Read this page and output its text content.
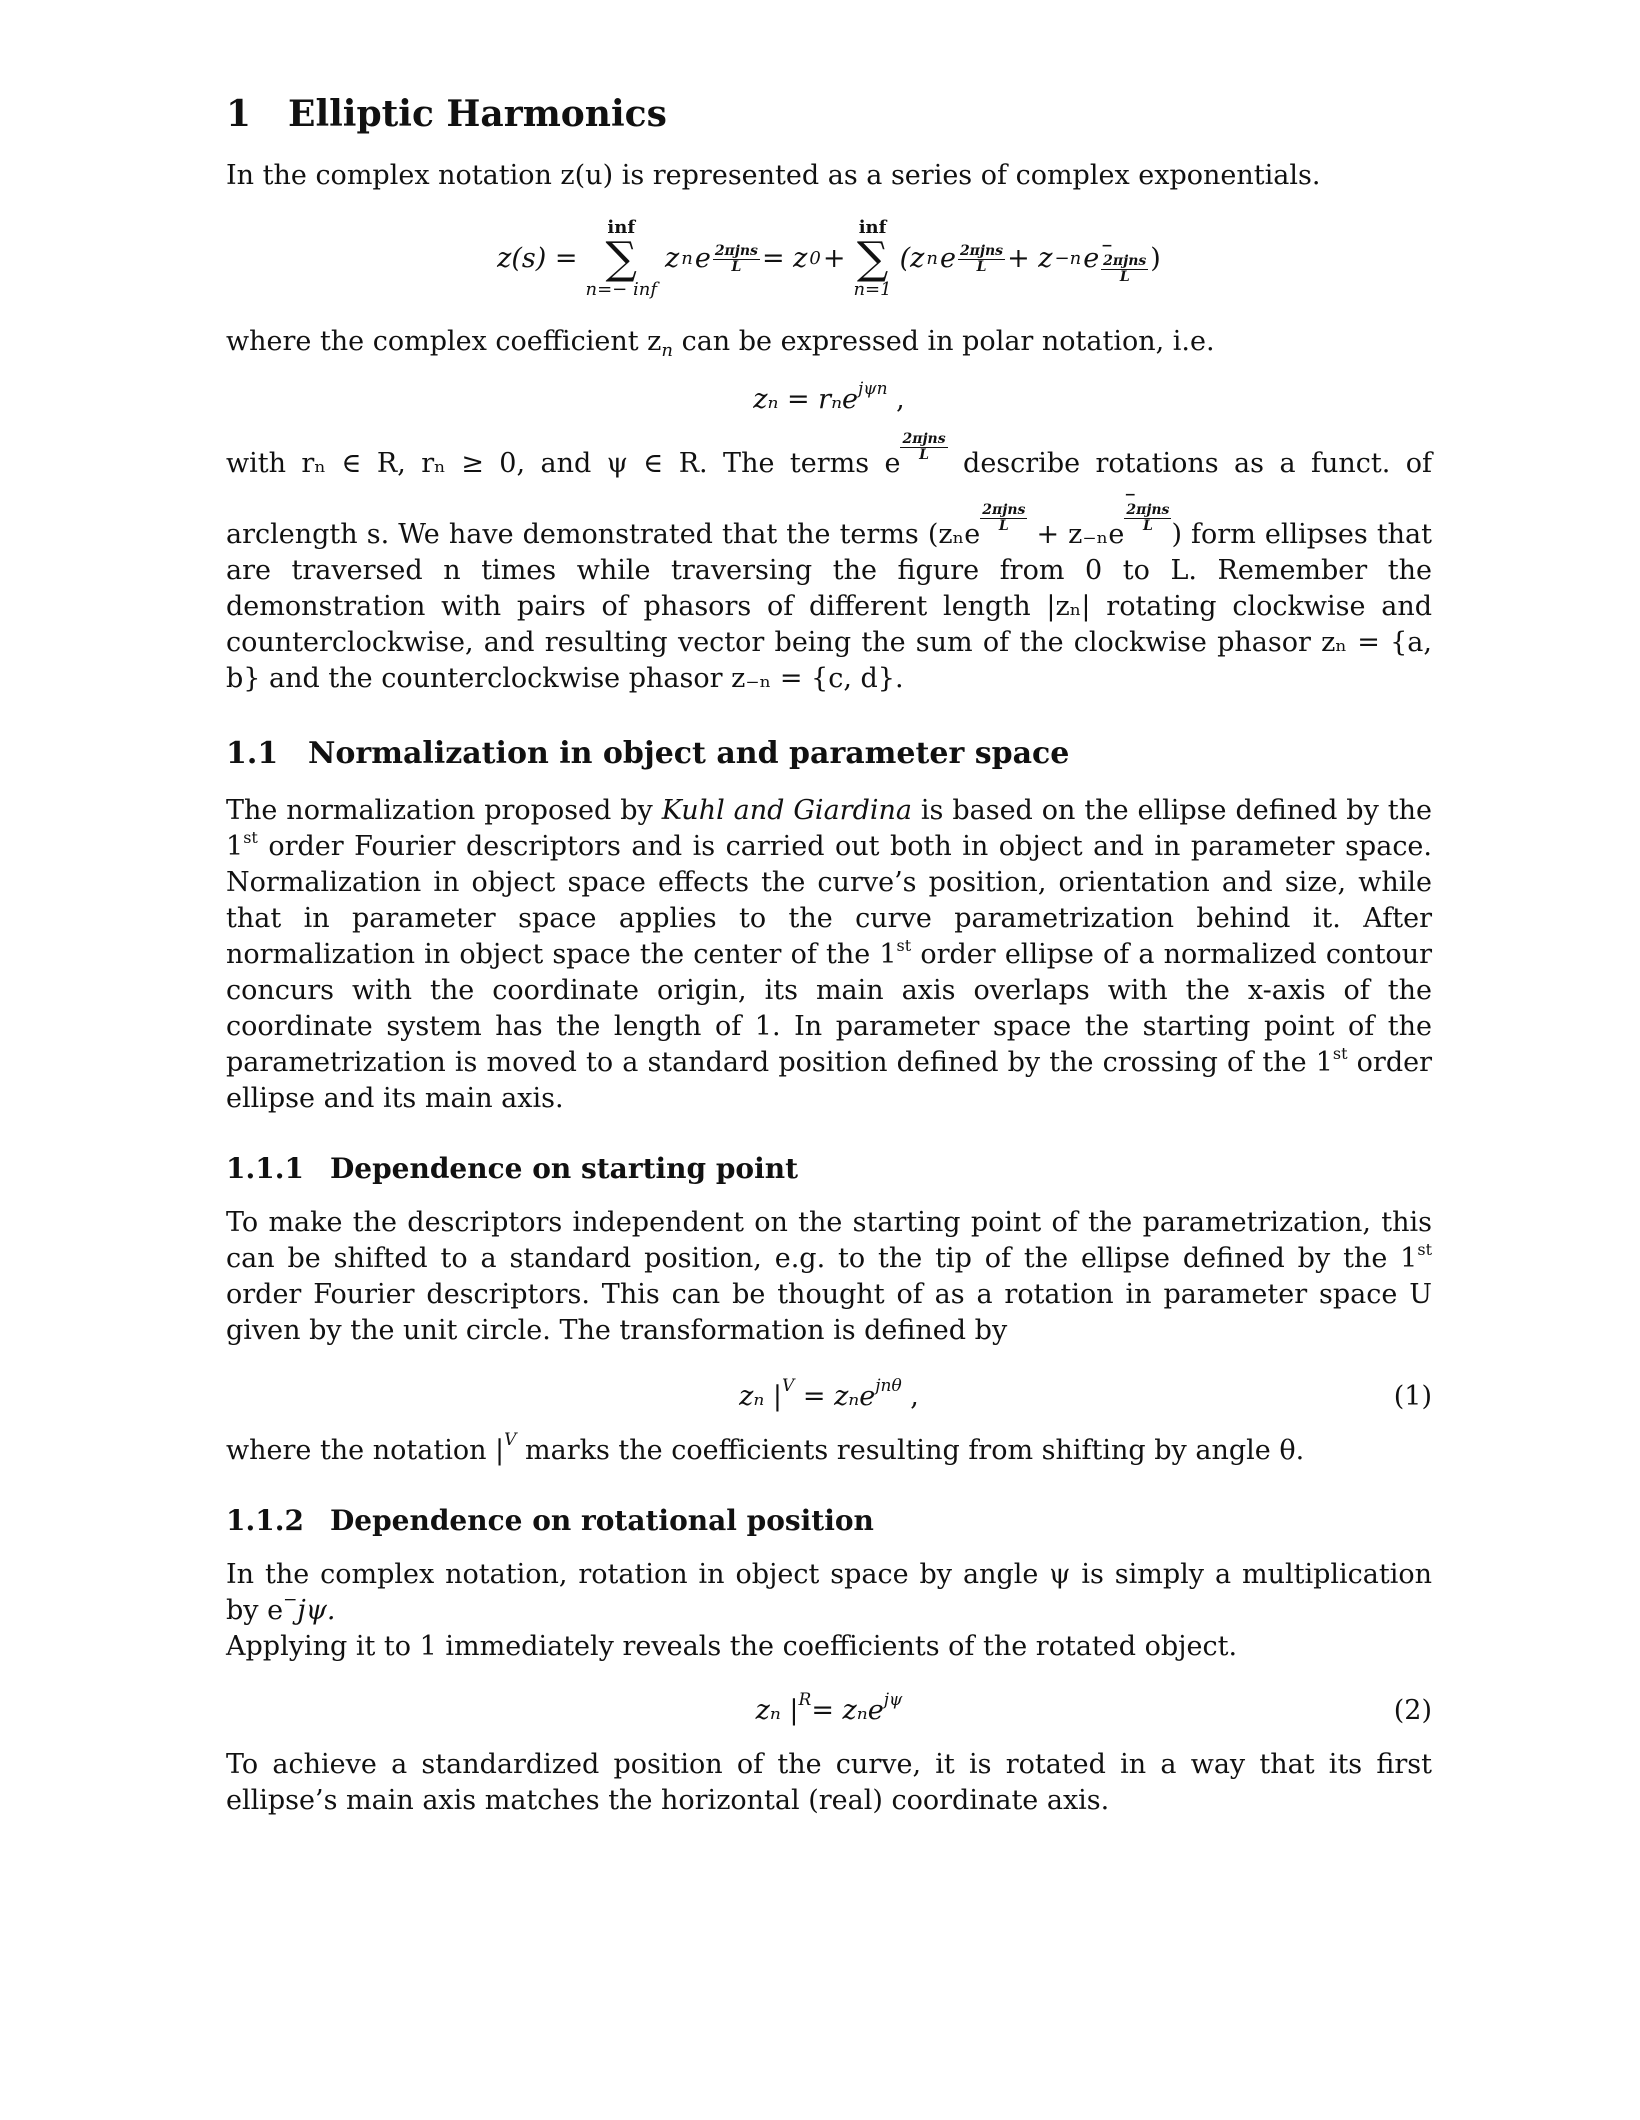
1 Elliptic Harmonics

In the complex notation z(u) is represented as a series of complex exponentials.

z(s) =
inf
∑
n=− inf
z n e $\frac{\text{2πjns}}{L} = z$ 0 +
inf
∑
n=1
(z n e $\frac{\text{2πjns}}{L} + z -n$ e
− $\frac{\text{2πjns}}{L}$ )

where the complex coefficient $z_n$ can be expressed in polar notation, i.e.

zₙ = rₙe$^{j\psi n}$ ,

with rₙ ∈ R, rₙ ≥ 0, and ψ ∈ R. The terms e
$\frac{\text{2πjns}}{L}$
describe rotations as a funct. of arclength s. We have demonstrated that the terms (zₙe
$\frac{\text{2πjns}}{L}$
+ z₋ₙe
− $\frac{\text{2πjns}}{L}$
) form ellipses that are traversed n times while traversing the figure from 0 to L. Remember the demonstration with pairs of phasors of different length |zₙ| rotating clockwise and counterclockwise, and resulting vector being the sum of the clockwise phasor zₙ = {a, b} and the counterclockwise phasor z₋ₙ = {c, d}.

1.1 Normalization in object and parameter space

The normalization proposed by Kuhl and Giardina is based on the ellipse defined by the 1st order Fourier descriptors and is carried out both in object and in parameter space. Normalization in object space effects the curve’s position, orientation and size, while that in parameter space applies to the curve parametrization behind it. After normalization in object space the center of the 1st order ellipse of a normalized contour concurs with the coordinate origin, its main axis overlaps with the x-axis of the coordinate system has the length of 1. In parameter space the starting point of the parametrization is moved to a standard position defined by the crossing of the 1st order ellipse and its main axis.

1.1.1 Dependence on starting point

To make the descriptors independent on the starting point of the parametrization, this can be shifted to a standard position, e.g. to the tip of the ellipse defined by the 1st order Fourier descriptors. This can be thought of as a rotation in parameter space U given by the unit circle. The transformation is defined by

zₙ $|^V = z_ne^{jn\theta}$ ,	(1)

where the notation $|^V$ marks the coefficients resulting from shifting by angle θ.

1.1.2 Dependence on rotational position

In the complex notation, rotation in object space by angle ψ is simply a multiplication by e−jψ.
Applying it to 1 immediately reveals the coefficients of the rotated object.

zₙ $|^R= z_ne^{j\psi}$	(2)

To achieve a standardized position of the curve, it is rotated in a way that its first ellipse’s main axis matches the horizontal (real) coordinate axis.
